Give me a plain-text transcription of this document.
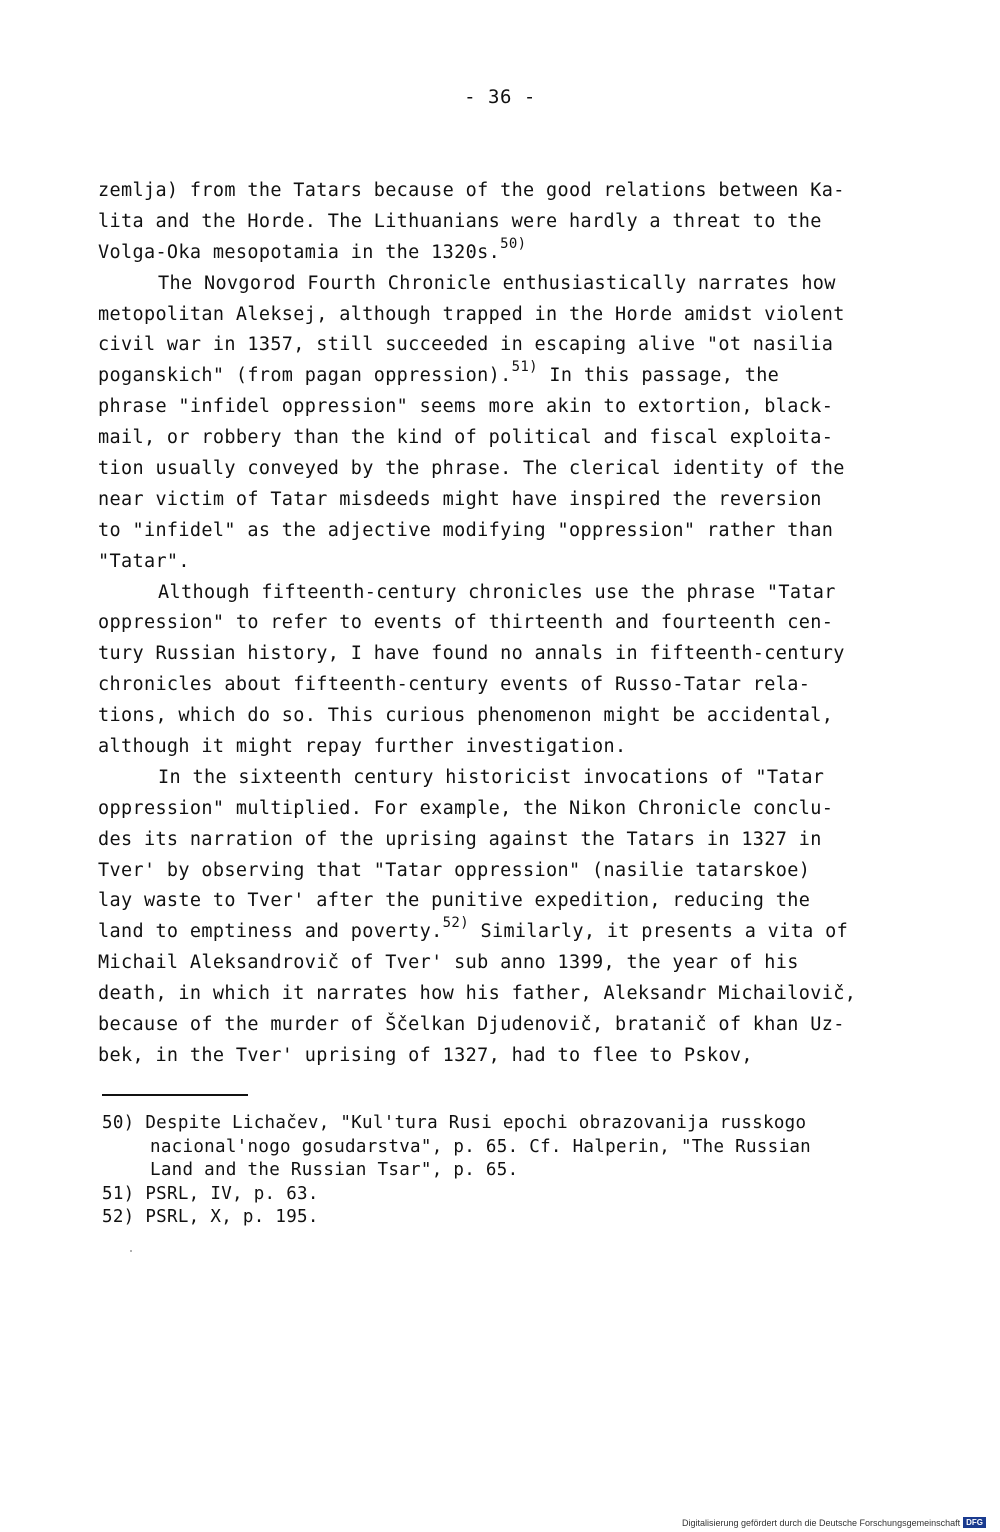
- 36 -
zemlja) from the Tatars because of the good relations between Ka-
lita and the Horde. The Lithuanians were hardly a threat to the
Volga-Oka mesopotamia in the 1320s.$^{50)}$
The Novgorod Fourth Chronicle enthusiastically narrates how
metopolitan Aleksej, although trapped in the Horde amidst violent
civil war in 1357, still succeeded in escaping alive "ot nasilia
poganskich" (from pagan oppression).$^{51)}$ In this passage, the
phrase "infidel oppression" seems more akin to extortion, black-
mail, or robbery than the kind of political and fiscal exploita-
tion usually conveyed by the phrase. The clerical identity of the
near victim of Tatar misdeeds might have inspired the reversion
to "infidel" as the adjective modifying "oppression" rather than
"Tatar".
Although fifteenth-century chronicles use the phrase "Tatar
oppression" to refer to events of thirteenth and fourteenth cen-
tury Russian history, I have found no annals in fifteenth-century
chronicles about fifteenth-century events of Russo-Tatar rela-
tions, which do so. This curious phenomenon might be accidental,
although it might repay further investigation.
In the sixteenth century historicist invocations of "Tatar
oppression" multiplied. For example, the Nikon Chronicle conclu-
des its narration of the uprising against the Tatars in 1327 in
Tver' by observing that "Tatar oppression" (nasilie tatarskoe)
lay waste to Tver' after the punitive expedition, reducing the
land to emptiness and poverty.$^{52)}$ Similarly, it presents a vita of
Michail Aleksandrovič of Tver' sub anno 1399, the year of his
death, in which it narrates how his father, Aleksandr Michailovič,
because of the murder of Ščelkan Djudenovič, bratanič of khan Uz-
bek, in the Tver' uprising of 1327, had to flee to Pskov,
50) Despite Lichačev, "Kul'tura Rusi epochi obrazovanija russkogo
nacional'nogo gosudarstva", p. 65. Cf. Halperin, "The Russian
Land and the Russian Tsar", p. 65.
51) PSRL, IV, p. 63.
52) PSRL, X, p. 195.
Digitalisierung gefördert durch die Deutsche Forschungsgemeinschaft DFG
